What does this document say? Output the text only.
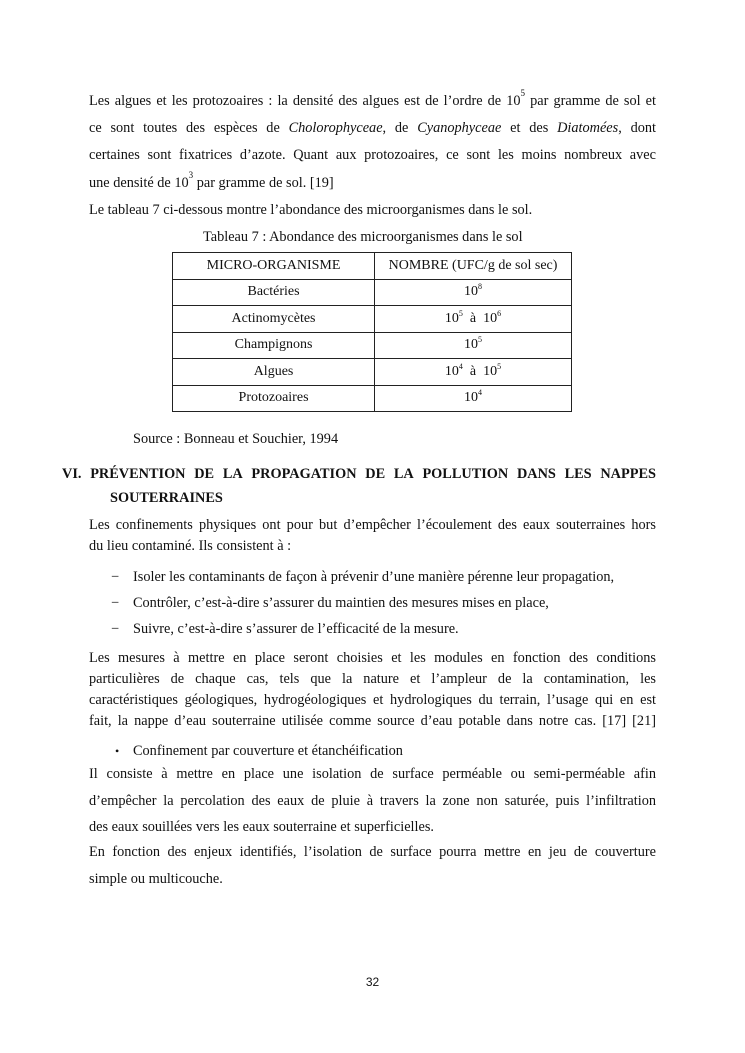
Les algues et les protozoaires : la densité des algues est de l’ordre de $10^5$ par gramme de sol et

ce sont toutes des espèces de Cholorophyceae, de Cyanophyceae et des Diatomées, dont

certaines sont fixatrices d’azote. Quant aux protozoaires, ce sont les moins nombreux avec

une densité de $10^3$ par gramme de sol. [19]

Le tableau 7 ci-dessous montre l’abondance des microorganismes dans le sol.

Tableau 7 : Abondance des microorganismes dans le sol
MICRO-ORGANISME	NOMBRE (UFC/g de sol sec)
Bactéries	$10^8$
Actinomycètes	$10^5$ à $10^6$
Champignons	$10^5$
Algues	$10^4$ à $10^5$
Protozoaires	$10^4$
Source : Bonneau et Souchier, 1994
VI. PRÉVENTION DE LA PROPAGATION DE LA POLLUTION DANS LES NAPPES
SOUTERRAINES

Les confinements physiques ont pour but d’empêcher l’écoulement des eaux souterraines hors

du lieu contaminé. Ils consistent à :

− Isoler les contaminants de façon à prévenir d’une manière pérenne leur propagation,
− Contrôler, c’est-à-dire s’assurer du maintien des mesures mises en place,
− Suivre, c’est-à-dire s’assurer de l’efficacité de la mesure.

Les mesures à mettre en place seront choisies et les modules en fonction des conditions

particulières de chaque cas, tels que la nature et l’ampleur de la contamination, les

caractéristiques géologiques, hydrogéologiques et hydrologiques du terrain, l’usage qui en est

fait, la nappe d’eau souterraine utilisée comme source d’eau potable dans notre cas. [17] [21]

• Confinement par couverture et étanchéification

Il consiste à mettre en place une isolation de surface perméable ou semi-perméable afin

d’empêcher la percolation des eaux de pluie à travers la zone non saturée, puis l’infiltration

des eaux souillées vers les eaux souterraine et superficielles.

En fonction des enjeux identifiés, l’isolation de surface pourra mettre en jeu de couverture

simple ou multicouche.

32
